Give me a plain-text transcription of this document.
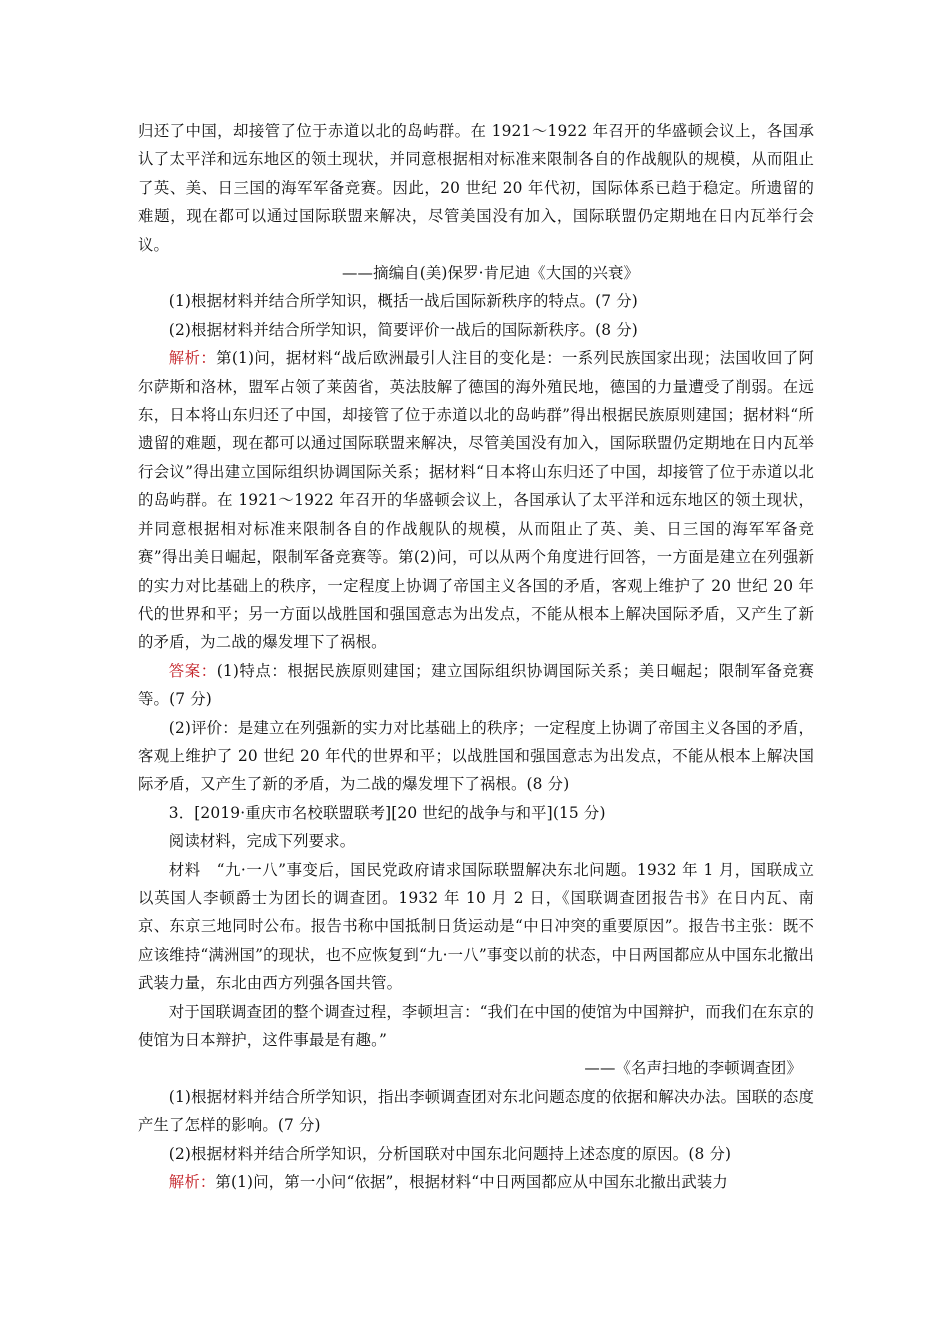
归还了中国，却接管了位于赤道以北的岛屿群。在 1921～1922 年召开的华盛顿会议上，各国承认了太平洋和远东地区的领土现状，并同意根据相对标准来限制各自的作战舰队的规模，从而阻止了英、美、日三国的海军军备竞赛。因此，20 世纪 20 年代初，国际体系已趋于稳定。所遗留的难题，现在都可以通过国际联盟来解决，尽管美国没有加入，国际联盟仍定期地在日内瓦举行会议。

——摘编自(美)保罗·肯尼迪《大国的兴衰》

(1)根据材料并结合所学知识，概括一战后国际新秩序的特点。(7 分)

(2)根据材料并结合所学知识，简要评价一战后的国际新秩序。(8 分)

解析：第(1)问，据材料“战后欧洲最引人注目的变化是：一系列民族国家出现；法国收回了阿尔萨斯和洛林，盟军占领了莱茵省，英法肢解了德国的海外殖民地，德国的力量遭受了削弱。在远东，日本将山东归还了中国，却接管了位于赤道以北的岛屿群”得出根据民族原则建国；据材料“所遗留的难题，现在都可以通过国际联盟来解决，尽管美国没有加入，国际联盟仍定期地在日内瓦举行会议”得出建立国际组织协调国际关系；据材料“日本将山东归还了中国，却接管了位于赤道以北的岛屿群。在 1921～1922 年召开的华盛顿会议上，各国承认了太平洋和远东地区的领土现状，并同意根据相对标准来限制各自的作战舰队的规模，从而阻止了英、美、日三国的海军军备竞赛”得出美日崛起，限制军备竞赛等。第(2)问，可以从两个角度进行回答，一方面是建立在列强新的实力对比基础上的秩序，一定程度上协调了帝国主义各国的矛盾，客观上维护了 20 世纪 20 年代的世界和平；另一方面以战胜国和强国意志为出发点，不能从根本上解决国际矛盾，又产生了新的矛盾，为二战的爆发埋下了祸根。

答案：(1)特点：根据民族原则建国；建立国际组织协调国际关系；美日崛起；限制军备竞赛等。(7 分)

(2)评价：是建立在列强新的实力对比基础上的秩序；一定程度上协调了帝国主义各国的矛盾，客观上维护了 20 世纪 20 年代的世界和平；以战胜国和强国意志为出发点，不能从根本上解决国际矛盾，又产生了新的矛盾，为二战的爆发埋下了祸根。(8 分)

3．[2019·重庆市名校联盟联考][20 世纪的战争与和平](15 分)

阅读材料，完成下列要求。

材料　“九·一八”事变后，国民党政府请求国际联盟解决东北问题。1932 年 1 月，国联成立以英国人李顿爵士为团长的调查团。1932 年 10 月 2 日，《国联调查团报告书》在日内瓦、南京、东京三地同时公布。报告书称中国抵制日货运动是“中日冲突的重要原因”。报告书主张：既不应该维持“满洲国”的现状，也不应恢复到“九·一八”事变以前的状态，中日两国都应从中国东北撤出武装力量，东北由西方列强各国共管。

对于国联调查团的整个调查过程，李顿坦言：“我们在中国的使馆为中国辩护，而我们在东京的使馆为日本辩护，这件事最是有趣。”

——《名声扫地的李顿调查团》

(1)根据材料并结合所学知识，指出李顿调查团对东北问题态度的依据和解决办法。国联的态度产生了怎样的影响。(7 分)

(2)根据材料并结合所学知识，分析国联对中国东北问题持上述态度的原因。(8 分)

解析：第(1)问，第一小问“依据”，根据材料“中日两国都应从中国东北撤出武装力
